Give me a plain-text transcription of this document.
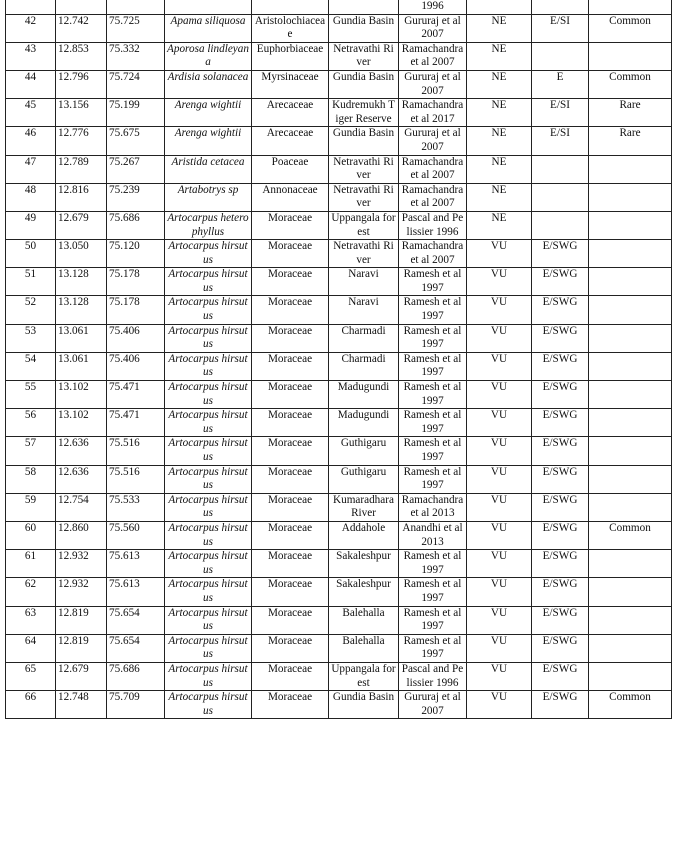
						1996			
42	12.742	75.725	Apama siliquosa	Aristolochiaceae	Gundia Basin	Gururaj et al 2007	NE	E/SI	Common
43	12.853	75.332	Aporosa lindleyana	Euphorbiaceae	Netravathi River	Ramachandra et al 2007	NE		
44	12.796	75.724	Ardisia solanacea	Myrsinaceae	Gundia Basin	Gururaj et al 2007	NE	E	Common
45	13.156	75.199	Arenga wightii	Arecaceae	Kudremukh Tiger Reserve	Ramachandra et al 2017	NE	E/SI	Rare
46	12.776	75.675	Arenga wightii	Arecaceae	Gundia Basin	Gururaj et al 2007	NE	E/SI	Rare
47	12.789	75.267	Aristida cetacea	Poaceae	Netravathi River	Ramachandra et al 2007	NE		
48	12.816	75.239	Artabotrys sp	Annonaceae	Netravathi River	Ramachandra et al 2007	NE		
49	12.679	75.686	Artocarpus heterophyllus	Moraceae	Uppangala forest	Pascal and Pelissier 1996	NE		
50	13.050	75.120	Artocarpus hirsutus	Moraceae	Netravathi River	Ramachandra et al 2007	VU	E/SWG	
51	13.128	75.178	Artocarpus hirsutus	Moraceae	Naravi	Ramesh et al 1997	VU	E/SWG	
52	13.128	75.178	Artocarpus hirsutus	Moraceae	Naravi	Ramesh et al 1997	VU	E/SWG	
53	13.061	75.406	Artocarpus hirsutus	Moraceae	Charmadi	Ramesh et al 1997	VU	E/SWG	
54	13.061	75.406	Artocarpus hirsutus	Moraceae	Charmadi	Ramesh et al 1997	VU	E/SWG	
55	13.102	75.471	Artocarpus hirsutus	Moraceae	Madugundi	Ramesh et al 1997	VU	E/SWG	
56	13.102	75.471	Artocarpus hirsutus	Moraceae	Madugundi	Ramesh et al 1997	VU	E/SWG	
57	12.636	75.516	Artocarpus hirsutus	Moraceae	Guthigaru	Ramesh et al 1997	VU	E/SWG	
58	12.636	75.516	Artocarpus hirsutus	Moraceae	Guthigaru	Ramesh et al 1997	VU	E/SWG	
59	12.754	75.533	Artocarpus hirsutus	Moraceae	Kumaradhara River	Ramachandra et al 2013	VU	E/SWG	
60	12.860	75.560	Artocarpus hirsutus	Moraceae	Addahole	Anandhi et al 2013	VU	E/SWG	Common
61	12.932	75.613	Artocarpus hirsutus	Moraceae	Sakaleshpur	Ramesh et al 1997	VU	E/SWG	
62	12.932	75.613	Artocarpus hirsutus	Moraceae	Sakaleshpur	Ramesh et al 1997	VU	E/SWG	
63	12.819	75.654	Artocarpus hirsutus	Moraceae	Balehalla	Ramesh et al 1997	VU	E/SWG	
64	12.819	75.654	Artocarpus hirsutus	Moraceae	Balehalla	Ramesh et al 1997	VU	E/SWG	
65	12.679	75.686	Artocarpus hirsutus	Moraceae	Uppangala forest	Pascal and Pelissier 1996	VU	E/SWG	
66	12.748	75.709	Artocarpus hirsutus	Moraceae	Gundia Basin	Gururaj et al 2007	VU	E/SWG	Common
